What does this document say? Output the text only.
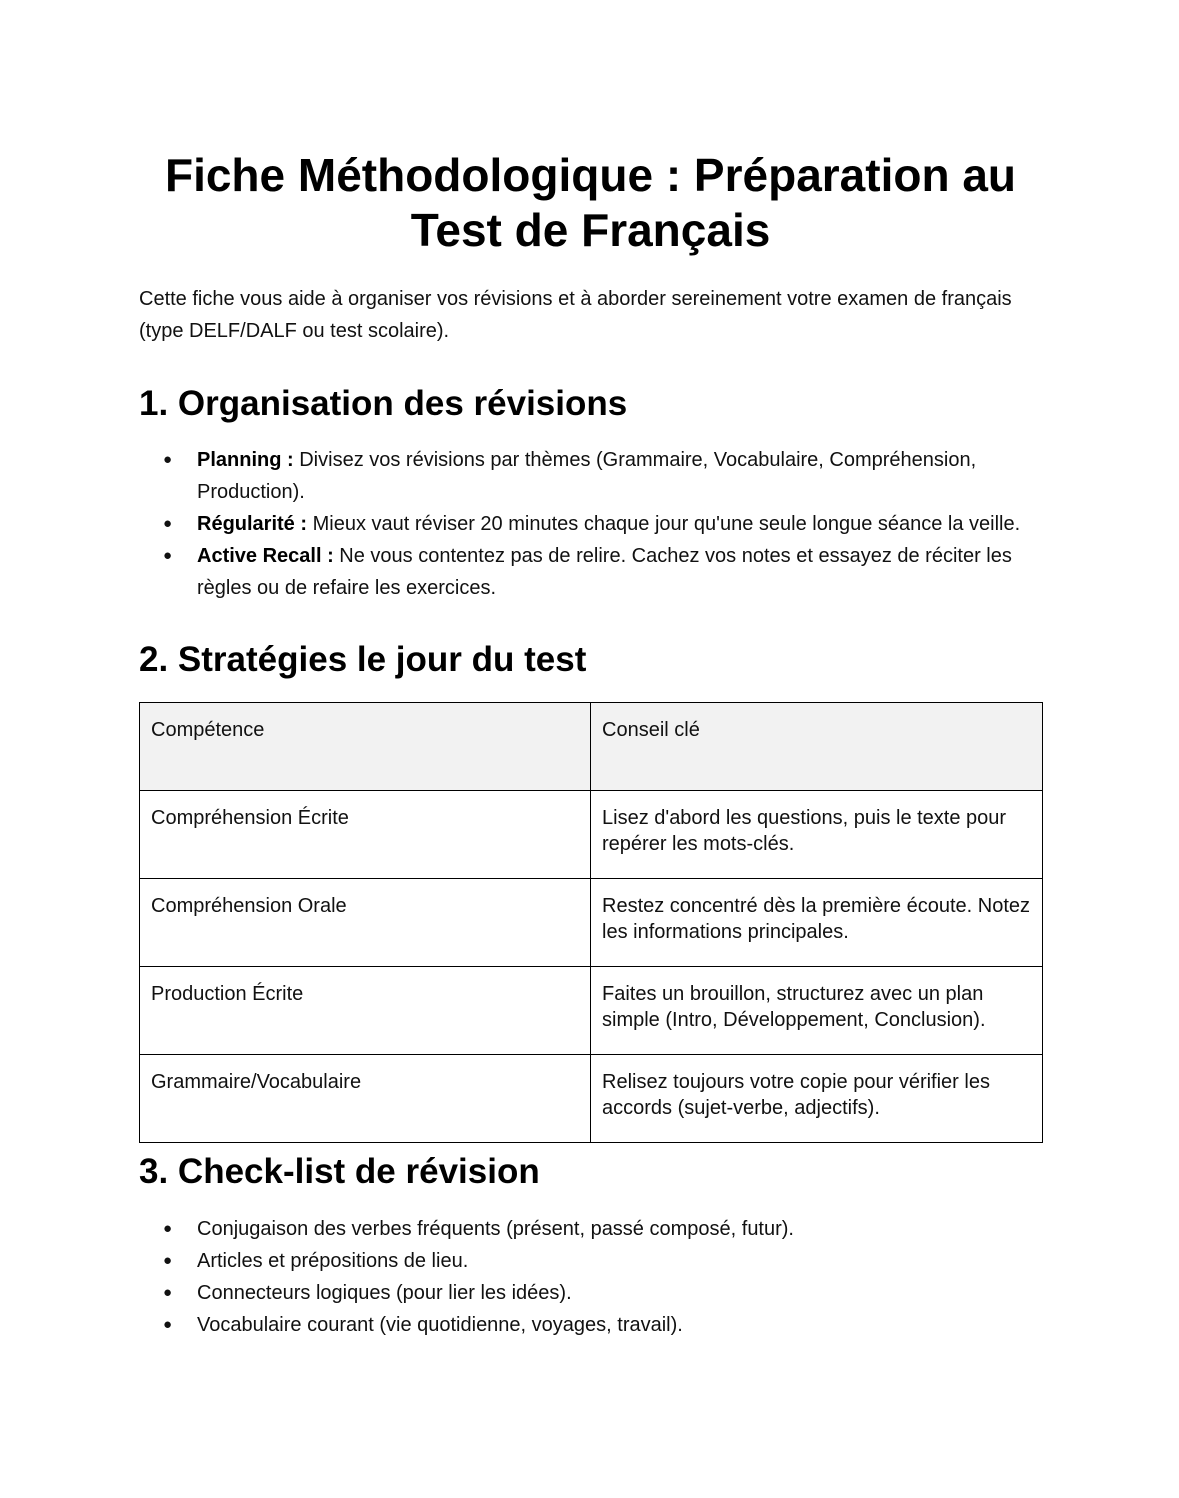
Fiche Méthodologique : Préparation au Test de Français

Cette fiche vous aide à organiser vos révisions et à aborder sereinement votre examen de français (type DELF/DALF ou test scolaire).

1. Organisation des révisions
● Planning : Divisez vos révisions par thèmes (Grammaire, Vocabulaire, Compréhension, Production).
● Régularité : Mieux vaut réviser 20 minutes chaque jour qu'une seule longue séance la veille.
● Active Recall : Ne vous contentez pas de relire. Cachez vos notes et essayez de réciter les règles ou de refaire les exercices.
2. Stratégies le jour du test
Compétence	Conseil clé
Compréhension Écrite	Lisez d'abord les questions, puis le texte pour repérer les mots-clés.
Compréhension Orale	Restez concentré dès la première écoute. Notez les informations principales.
Production Écrite	Faites un brouillon, structurez avec un plan simple (Intro, Développement, Conclusion).
Grammaire/Vocabulaire	Relisez toujours votre copie pour vérifier les accords (sujet-verbe, adjectifs).
3. Check-list de révision
● Conjugaison des verbes fréquents (présent, passé composé, futur).
● Articles et prépositions de lieu.
● Connecteurs logiques (pour lier les idées).
● Vocabulaire courant (vie quotidienne, voyages, travail).
